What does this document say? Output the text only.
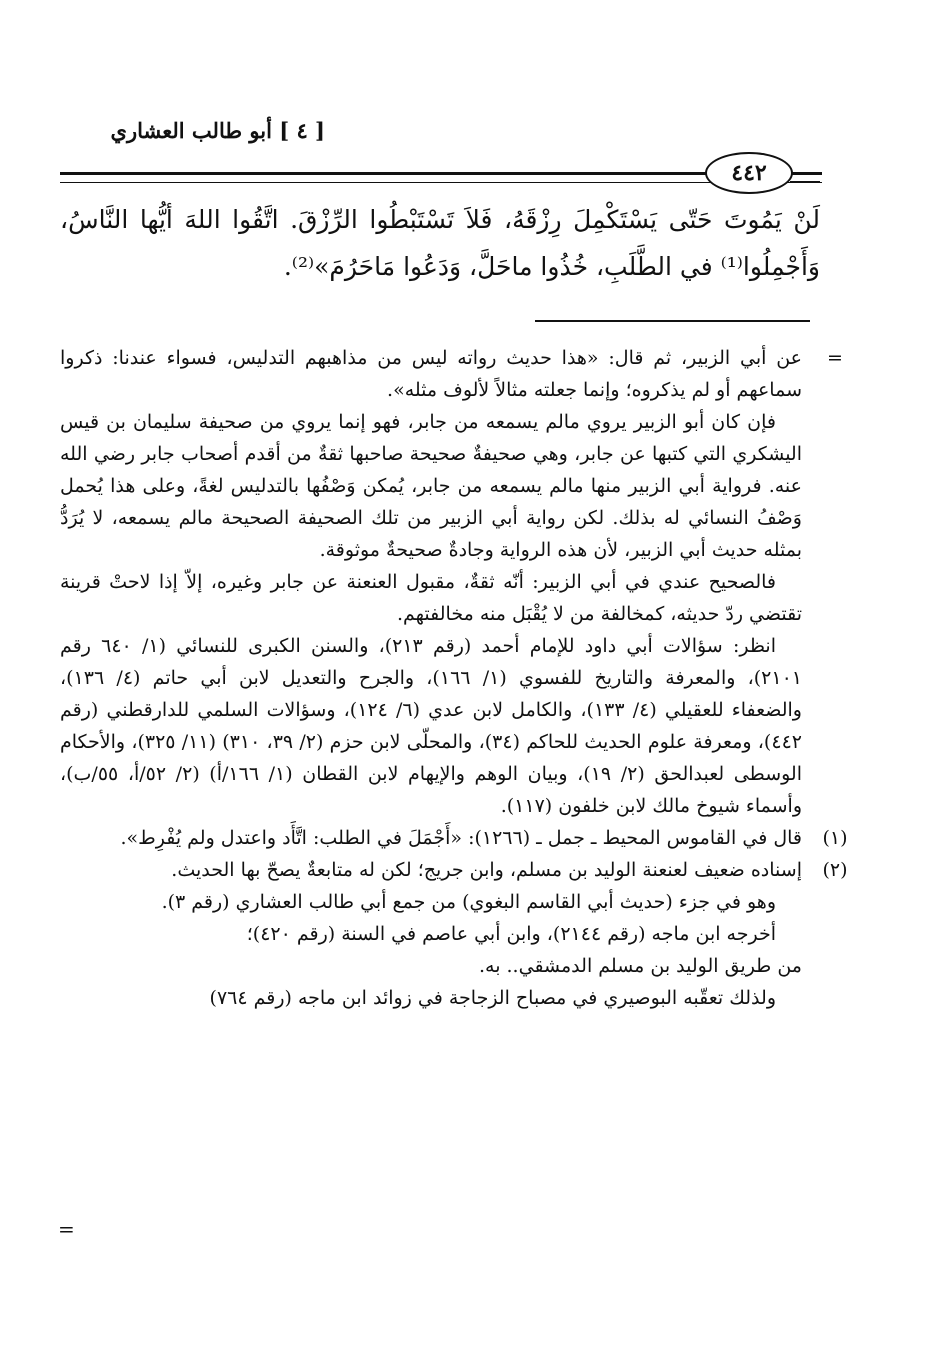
[ ٤ ] أبو طالب العشاري
٤٤٢

لَنْ يَمُوتَ حَتّى يَسْتَكْمِلَ رِزْقَهُ، فَلاَ تَسْتَبْطُوا الرِّزْقَ. اتَّقُوا اللهَ أيُّها النَّاسُ، وَأَجْمِلُوا⁽¹⁾ في الطَّلَبِ، خُذُوا ماحَلَّ، وَدَعُوا مَاحَرُمَ»⁽²⁾.

=

عن أبي الزبير، ثم قال: «هذا حديث رواته ليس من مذاهبهم التدليس، فسواء عندنا: ذكروا سماعهم أو لم يذكروه؛ وإنما جعلته مثالاً لألوف مثله».

فإن كان أبو الزبير يروي مالم يسمعه من جابر، فهو إنما يروي من صحيفة سليمان بن قيس اليشكري التي كتبها عن جابر، وهي صحيفةٌ صحيحة صاحبها ثقةٌ من أقدم أصحاب جابر رضي الله عنه. فرواية أبي الزبير منها مالم يسمعه من جابر، يُمكن وَصْفُها بالتدليس لغةً، وعلى هذا يُحمل وَصْفُ النسائي له بذلك. لكن رواية أبي الزبير من تلك الصحيفة الصحيحة مالم يسمعه، لا يُرَدُّ بمثله حديث أبي الزبير، لأن هذه الرواية وجادةٌ صحيحةٌ موثوقة.

فالصحيح عندي في أبي الزبير: أنّه ثقةٌ، مقبول العنعنة عن جابر وغيره، إلاّ إذا لاحتْ قرينة تقتضي ردّ حديثه، كمخالفة من لا يُقْبَل منه مخالفتهم.

انظر: سؤالات أبي داود للإمام أحمد (رقم ٢١٣)، والسنن الكبرى للنسائي (١/ ٦٤٠ رقم ٢١٠١)، والمعرفة والتاريخ للفسوي (١/ ١٦٦)، والجرح والتعديل لابن أبي حاتم (٤/ ١٣٦)، والضعفاء للعقيلي (٤/ ١٣٣)، والكامل لابن عدي (٦/ ١٢٤)، وسؤالات السلمي للدارقطني (رقم ٤٤٢)، ومعرفة علوم الحديث للحاكم (٣٤)، والمحلّى لابن حزم (٢/ ٣٩، ٣١٠) (١١/ ٣٢٥)، والأحكام الوسطى لعبدالحق (٢/ ١٩)، وبيان الوهم والإيهام لابن القطان (١/ ١٦٦/أ) (٢/ ٥٢/أ، ٥٥/ب)، وأسماء شيوخ مالك لابن خلفون (١١٧).

(١)

قال في القاموس المحيط ـ جمل ـ (١٢٦٦): «أَجْمَلَ في الطلب: اتَّأَد واعتدل ولم يُفْرِط».

(٢)

إسناده ضعيف لعنعنة الوليد بن مسلم، وابن جريج؛ لكن له متابعةٌ يصحّ بها الحديث.

وهو في جزء (حديث أبي القاسم البغوي) من جمع أبي طالب العشاري (رقم ٣).

أخرجه ابن ماجه (رقم ٢١٤٤)، وابن أبي عاصم في السنة (رقم ٤٢٠)؛

من طريق الوليد بن مسلم الدمشقي.. به.

ولذلك تعقّبه البوصيري في مصباح الزجاجة في زوائد ابن ماجه (رقم ٧٦٤)

=
